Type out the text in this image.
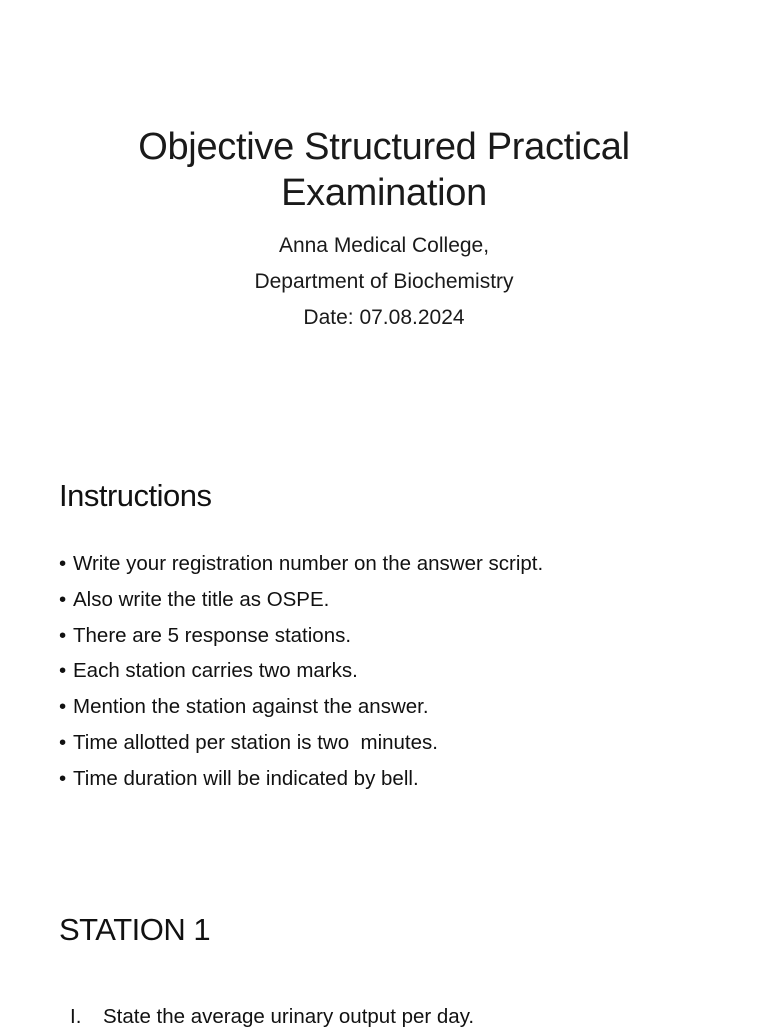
Objective Structured Practical
Examination
Anna Medical College,
Department of Biochemistry
Date: 07.08.2024
Instructions
• Write your registration number on the answer script.
• Also write the title as OSPE.
• There are 5 response stations.
• Each station carries two marks.
• Mention the station against the answer.
• Time allotted per station is two  minutes.
• Time duration will be indicated by bell.
STATION 1
I. State the average urinary output per day.
